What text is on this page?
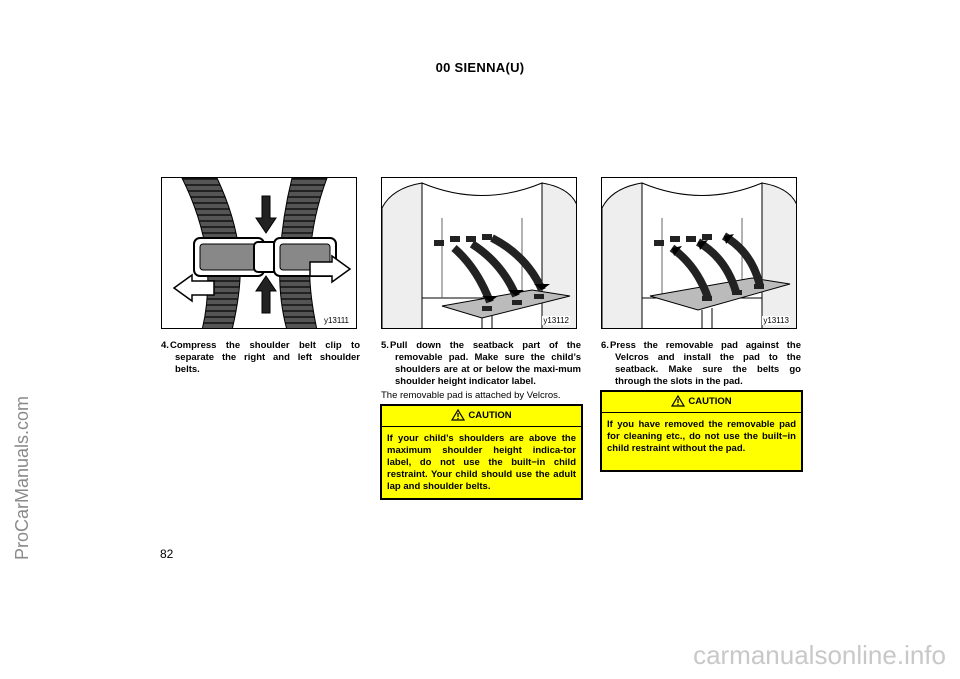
00 SIENNA(U)
ProCarManuals.com
y13111	y13112	y13113
4. Compress the shoulder belt clip to separate the right and left shoulder belts.
5. Pull down the seatback part of the removable pad. Make sure the child’s shoulders are at or below the maxi-mum shoulder height indicator label.
6. Press the removable pad against the Velcros and install the pad to the seatback. Make sure the belts go through the slots in the pad.
The removable pad is attached by Velcros.
CAUTION
If your child’s shoulders are above the maximum shoulder height indica-tor label, do not use the built−in child restraint. Your child should use the adult lap and shoulder belts.
CAUTION
If you have removed the removable pad for cleaning etc., do not use the built−in child restraint without the pad.
82
carmanualsonline.info
